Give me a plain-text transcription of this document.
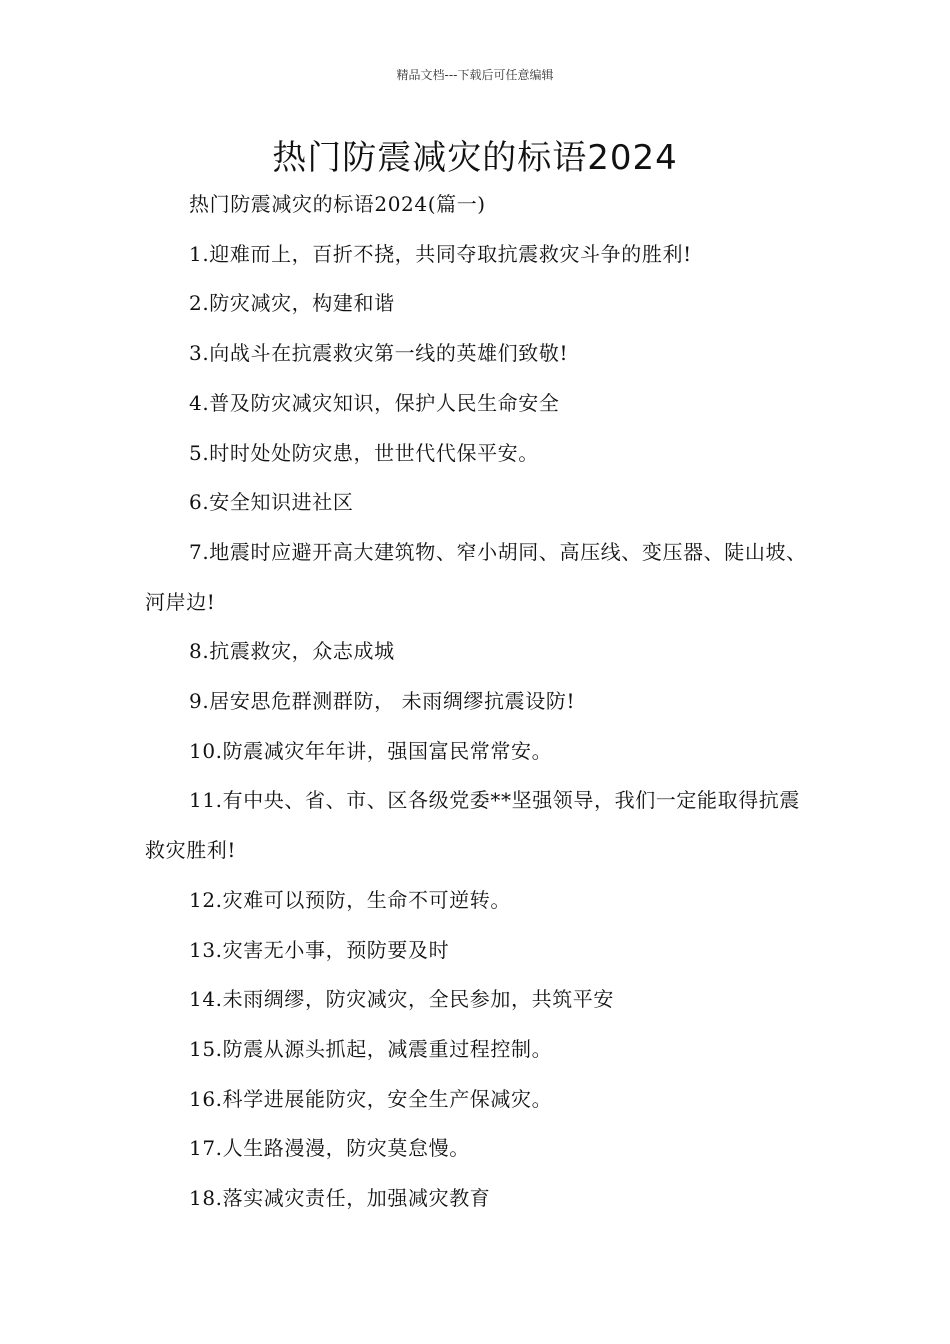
精品文档---下载后可任意编辑
热门防震减灾的标语2024

热门防震减灾的标语2024(篇一)

1.迎难而上，百折不挠，共同夺取抗震救灾斗争的胜利!

2.防灾减灾，构建和谐

3.向战斗在抗震救灾第一线的英雄们致敬!

4.普及防灾减灾知识，保护人民生命安全

5.时时处处防灾患，世世代代保平安。

6.安全知识进社区

7.地震时应避开高大建筑物、窄小胡同、高压线、变压器、陡山坡、河岸边!

8.抗震救灾，众志成城

9.居安思危群测群防， 未雨绸缪抗震设防!

10.防震减灾年年讲，强国富民常常安。

11.有中央、省、市、区各级党委**坚强领导，我们一定能取得抗震救灾胜利!

12.灾难可以预防，生命不可逆转。

13.灾害无小事，预防要及时

14.未雨绸缪，防灾减灾，全民参加，共筑平安

15.防震从源头抓起，减震重过程控制。

16.科学进展能防灾，安全生产保减灾。

17.人生路漫漫，防灾莫怠慢。

18.落实减灾责任，加强减灾教育
